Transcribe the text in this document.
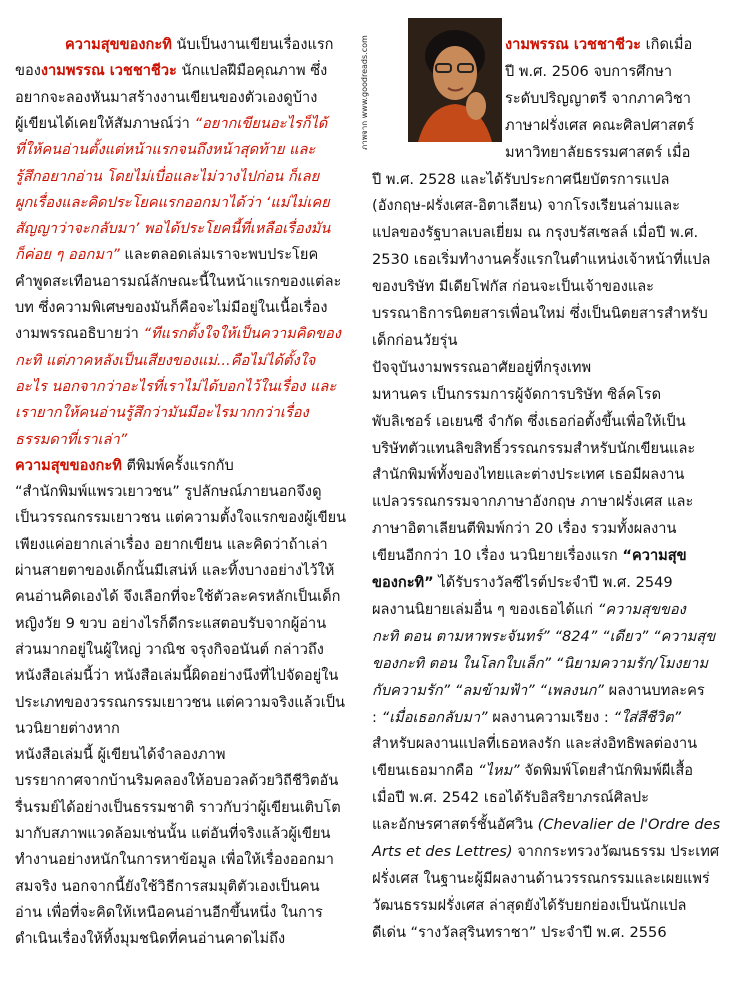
ความสุขของกะทิ นับเป็นงานเขียนเรื่องแรก
ของงามพรรณ เวชชาชีวะ นักแปลฝีมือคุณภาพ ซึ่ง
อยากจะลองหันมาสร้างงานเขียนของตัวเองดูบ้าง
ผู้เขียนได้เคยให้สัมภาษณ์ว่า “อยากเขียนอะไรก็ได้
ที่ให้คนอ่านตั้งแต่หน้าแรกจนถึงหน้าสุดท้าย และ
รู้สึกอยากอ่าน โดยไม่เบื่อและไม่วางไปก่อน ก็เลย
ผูกเรื่องและคิดประโยคแรกออกมาได้ว่า ‘แม่ไม่เคย
สัญญาว่าจะกลับมา’ พอได้ประโยคนี้ที่เหลือเรื่องมัน
ก็ค่อย ๆ ออกมา” และตลอดเล่มเราจะพบประโยค
คำพูดสะเทือนอารมณ์ลักษณะนี้ในหน้าแรกของแต่ละ
บท ซึ่งความพิเศษของมันก็คือจะไม่มีอยู่ในเนื้อเรื่อง
งามพรรณอธิบายว่า “ทีแรกตั้งใจให้เป็นความคิดของ
กะทิ แต่ภาคหลังเป็นเสียงของแม่...คือไม่ได้ตั้งใจ
อะไร นอกจากว่าอะไรที่เราไม่ได้บอกไว้ในเรื่อง และ
เรายากให้คนอ่านรู้สึกว่ามันมีอะไรมากกว่าเรื่อง
ธรรมดาที่เราเล่า”
ความสุขของกะทิ ตีพิมพ์ครั้งแรกกับ
“สำนักพิมพ์แพรวเยาวชน” รูปลักษณ์ภายนอกจึงดู
เป็นวรรณกรรมเยาวชน แต่ความตั้งใจแรกของผู้เขียน
เพียงแค่อยากเล่าเรื่อง อยากเขียน และคิดว่าถ้าเล่า
ผ่านสายตาของเด็กนั้นมีเสน่ห์ และทิ้งบางอย่างไว้ให้
คนอ่านคิดเองได้ จึงเลือกที่จะใช้ตัวละครหลักเป็นเด็ก
หญิงวัย 9 ขวบ อย่างไรก็ดีกระแสตอบรับจากผู้อ่าน
ส่วนมากอยู่ในผู้ใหญ่ วาณิช จรุงกิจอนันต์ กล่าวถึง
หนังสือเล่มนี้ว่า หนังสือเล่มนี้ผิดอย่างนึงที่ไปจัดอยู่ใน
ประเภทของวรรณกรรมเยาวชน แต่ความจริงแล้วเป็น
นวนิยายต่างหาก
หนังสือเล่มนี้ ผู้เขียนได้จำลองภาพ
บรรยากาศจากบ้านริมคลองให้อบอวลด้วยวิถีชีวิตอัน
รื่นรมย์ได้อย่างเป็นธรรมชาติ ราวกับว่าผู้เขียนเติบโต
มากับสภาพแวดล้อมเช่นนั้น แต่อันที่จริงแล้วผู้เขียน
ทำงานอย่างหนักในการหาข้อมูล เพื่อให้เรื่องออกมา
สมจริง นอกจากนี้ยังใช้วิธีการสมมุติตัวเองเป็นคน
อ่าน เพื่อที่จะคิดให้เหนือคนอ่านอีกขึ้นหนึ่ง ในการ
ดำเนินเรื่องให้ทิ้งมุมชนิดที่คนอ่านคาดไม่ถึง
ภาพจาก www.goodreads.com	งามพรรณ เวชชาชีวะ เกิดเมื่อ
ปี พ.ศ. 2506 จบการศึกษา
ระดับปริญญาตรี จากภาควิชา
ภาษาฝรั่งเศส คณะศิลปศาสตร์
มหาวิทยาลัยธรรมศาสตร์ เมื่อ
ปี พ.ศ. 2528 และได้รับประกาศนียบัตรการแปล
(อังกฤษ-ฝรั่งเศส-อิตาเลียน) จากโรงเรียนล่ามและ
แปลของรัฐบาลเบลเยี่ยม ณ กรุงบรัสเซลล์ เมื่อปี พ.ศ.
2530 เธอเริ่มทำงานครั้งแรกในตำแหน่งเจ้าหน้าที่แปล
ของบริษัท มีเดียโฟกัส ก่อนจะเป็นเจ้าของและ
บรรณาธิการนิตยสารเพื่อนใหม่ ซึ่งเป็นนิตยสารสำหรับ
เด็กก่อนวัยรุ่น
ปัจจุบันงามพรรณอาศัยอยู่ที่กรุงเทพ
มหานคร เป็นกรรมการผู้จัดการบริษัท ซิล์คโรด
พับลิเชอร์ เอเยนซี จำกัด ซึ่งเธอก่อตั้งขึ้นเพื่อให้เป็น
บริษัทตัวแทนลิขสิทธิ์วรรณกรรมสำหรับนักเขียนและ
สำนักพิมพ์ทั้งของไทยและต่างประเทศ เธอมีผลงาน
แปลวรรณกรรมจากภาษาอังกฤษ ภาษาฝรั่งเศส และ
ภาษาอิตาเลียนตีพิมพ์กว่า 20 เรื่อง รวมทั้งผลงาน
เขียนอีกกว่า 10 เรื่อง นวนิยายเรื่องแรก “ความสุข
ของกะทิ” ได้รับรางวัลซีไรต์ประจำปี พ.ศ. 2549
ผลงานนิยายเล่มอื่น ๆ ของเธอได้แก่ “ความสุขของ
กะทิ ตอน ตามหาพระจันทร์” “824” “เดียว” “ความสุข
ของกะทิ ตอน ในโลกใบเล็ก” “นิยามความรัก/โมงยาม
กับความรัก” “ลมข้ามฟ้า” “เพลงนก” ผลงานบทละคร
: “เมื่อเธอกลับมา” ผลงานความเรียง : “ใส่สีชีวิต”
สำหรับผลงานแปลที่เธอหลงรัก และส่งอิทธิพลต่องาน
เขียนเธอมากคือ “ไหม” จัดพิมพ์โดยสำนักพิมพ์ผีเสื้อ
เมื่อปี พ.ศ. 2542 เธอได้รับอิสริยาภรณ์ศิลปะ
และอักษรศาสตร์ชั้นอัศวิน (Chevalier de l'Ordre des
Arts et des Lettres) จากกระทรวงวัฒนธรรม ประเทศ
ฝรั่งเศส ในฐานะผู้มีผลงานด้านวรรณกรรมและเผยแพร่
วัฒนธรรมฝรั่งเศส ล่าสุดยังได้รับยกย่องเป็นนักแปล
ดีเด่น “รางวัลสุรินทราชา” ประจำปี พ.ศ. 2556
